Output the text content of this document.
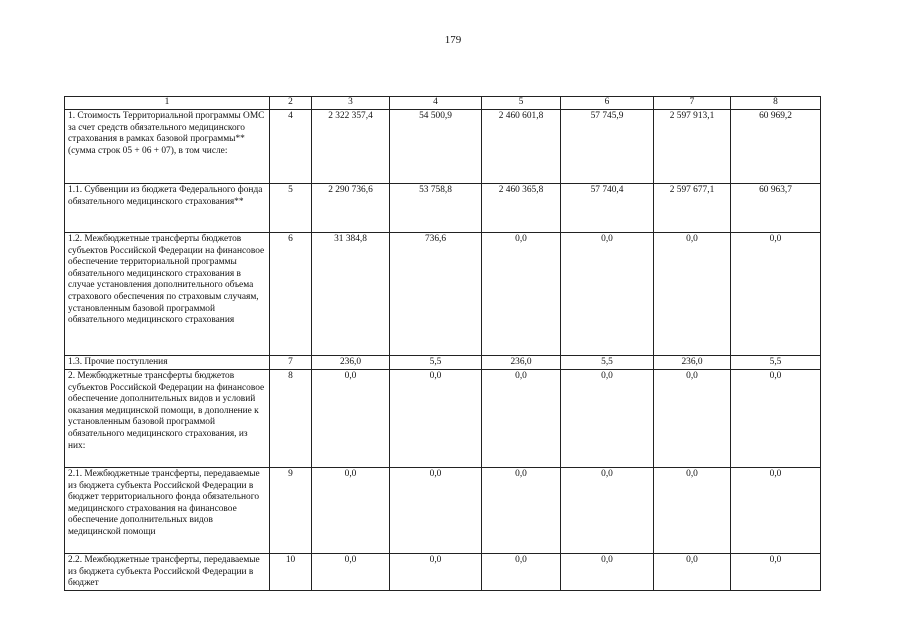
179
1	2	3	4	5	6	7	8
1. Стоимость Территориальной программы ОМС за счет средств обязательного медицинского страхования в рамках базовой программы** (сумма строк 05 + 06 + 07), в том числе:	4	2 322 357,4	54 500,9	2 460 601,8	57 745,9	2 597 913,1	60 969,2
1.1. Субвенции из бюджета Федерального фонда обязательного медицинского страхования**	5	2 290 736,6	53 758,8	2 460 365,8	57 740,4	2 597 677,1	60 963,7
1.2. Межбюджетные трансферты бюджетов субъектов Российской Федерации на финансовое обеспечение территориальной программы обязательного медицинского страхования в случае установления дополнительного объема страхового обеспечения по страховым случаям, установленным базовой программой обязательного медицинского страхования	6	31 384,8	736,6	0,0	0,0	0,0	0,0
1.3. Прочие поступления	7	236,0	5,5	236,0	5,5	236,0	5,5
2. Межбюджетные трансферты бюджетов субъектов Российской Федерации на финансовое обеспечение дополнительных видов и условий оказания медицинской помощи, в дополнение к установленным базовой программой обязательного медицинского страхования, из них:	8	0,0	0,0	0,0	0,0	0,0	0,0
2.1. Межбюджетные трансферты, передаваемые из бюджета субъекта Российской Федерации в бюджет территориального фонда обязательного медицинского страхования на финансовое обеспечение дополнительных видов медицинской помощи	9	0,0	0,0	0,0	0,0	0,0	0,0
2.2. Межбюджетные трансферты, передаваемые из бюджета субъекта Российской Федерации в бюджет	10	0,0	0,0	0,0	0,0	0,0	0,0
